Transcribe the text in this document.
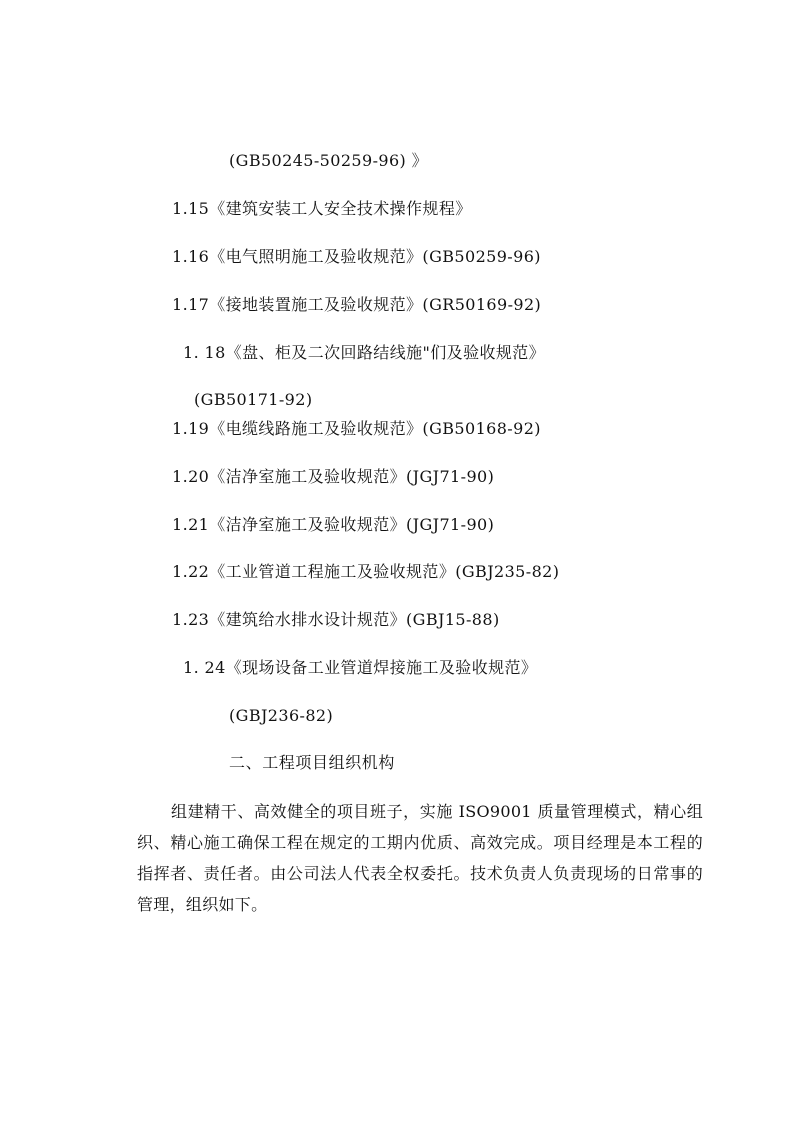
(GB50245-50259-96) 》
1.15《建筑安装工人安全技术操作规程》
1.16《电气照明施工及验收规范》(GB50259-96)
1.17《接地装置施工及验收规范》(GR50169-92)
1. 18《盘、柜及二次回路结线施"们及验收规范》
(GB50171-92)
1.19《电缆线路施工及验收规范》(GB50168-92)
1.20《洁净室施工及验收规范》(JGJ71-90)
1.21《洁净室施工及验收规范》(JGJ71-90)
1.22《工业管道工程施工及验收规范》(GBJ235-82)
1.23《建筑给水排水设计规范》(GBJ15-88)
1. 24《现场设备工业管道焊接施工及验收规范》
(GBJ236-82)
二、工程项目组织机构
组建精干、高效健全的项目班子，实施 ISO9001 质量管理模式，精心组织、精心施工确保工程在规定的工期内优质、高效完成。项目经理是本工程的指挥者、责任者。由公司法人代表全权委托。技术负责人负责现场的日常事的管理，组织如下。
